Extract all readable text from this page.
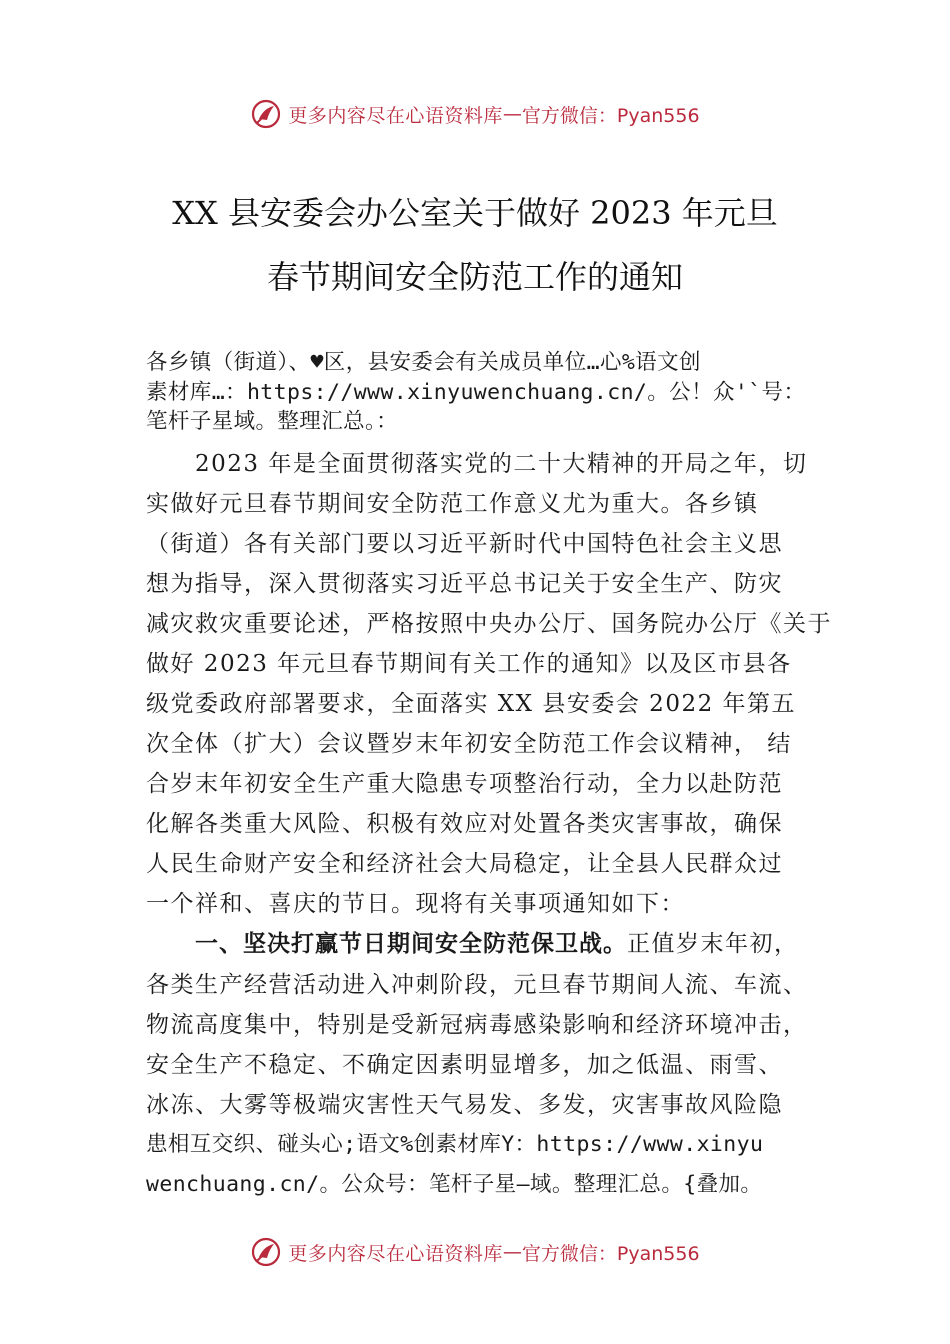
更多内容尽在心语资料库 — 官方微信：Pyan556
XX 县安委会办公室关于做好 2023 年元旦
春节期间安全防范工作的通知
各乡镇（街道）、♥区，县安委会有关成员单位…心%语文创
素材库…：https://www.xinyuwenchuang.cn/。公！众'`号：
笔杆子星域。整理汇总。：
　　2023 年是全面贯彻落实党的二十大精神的开局之年，切
实做好元旦春节期间安全防范工作意义尤为重大。各乡镇
（街道）各有关部门要以习近平新时代中国特色社会主义思
想为指导，深入贯彻落实习近平总书记关于安全生产、防灾
减灾救灾重要论述，严格按照中央办公厅、国务院办公厅《关于
做好 2023 年元旦春节期间有关工作的通知》以及区市县各
级党委政府部署要求，全面落实 XX 县安委会 2022 年第五
次全体（扩大）会议暨岁末年初安全防范工作会议精神， 结
合岁末年初安全生产重大隐患专项整治行动，全力以赴防范
化解各类重大风险、积极有效应对处置各类灾害事故，确保
人民生命财产安全和经济社会大局稳定，让全县人民群众过
一个祥和、喜庆的节日。现将有关事项通知如下：
　　一、坚决打赢节日期间安全防范保卫战。正值岁末年初，
各类生产经营活动进入冲刺阶段，元旦春节期间人流、车流、
物流高度集中，特别是受新冠病毒感染影响和经济环境冲击，
安全生产不稳定、不确定因素明显增多，加之低温、雨雪、
冰冻、大雾等极端灾害性天气易发、多发，灾害事故风险隐
患相互交织、碰头心;语文%创素材库Y：https://www.xinyu
wenchuang.cn/。公众号：笔杆子星—域。整理汇总。{叠加。
更多内容尽在心语资料库 — 官方微信：Pyan556
